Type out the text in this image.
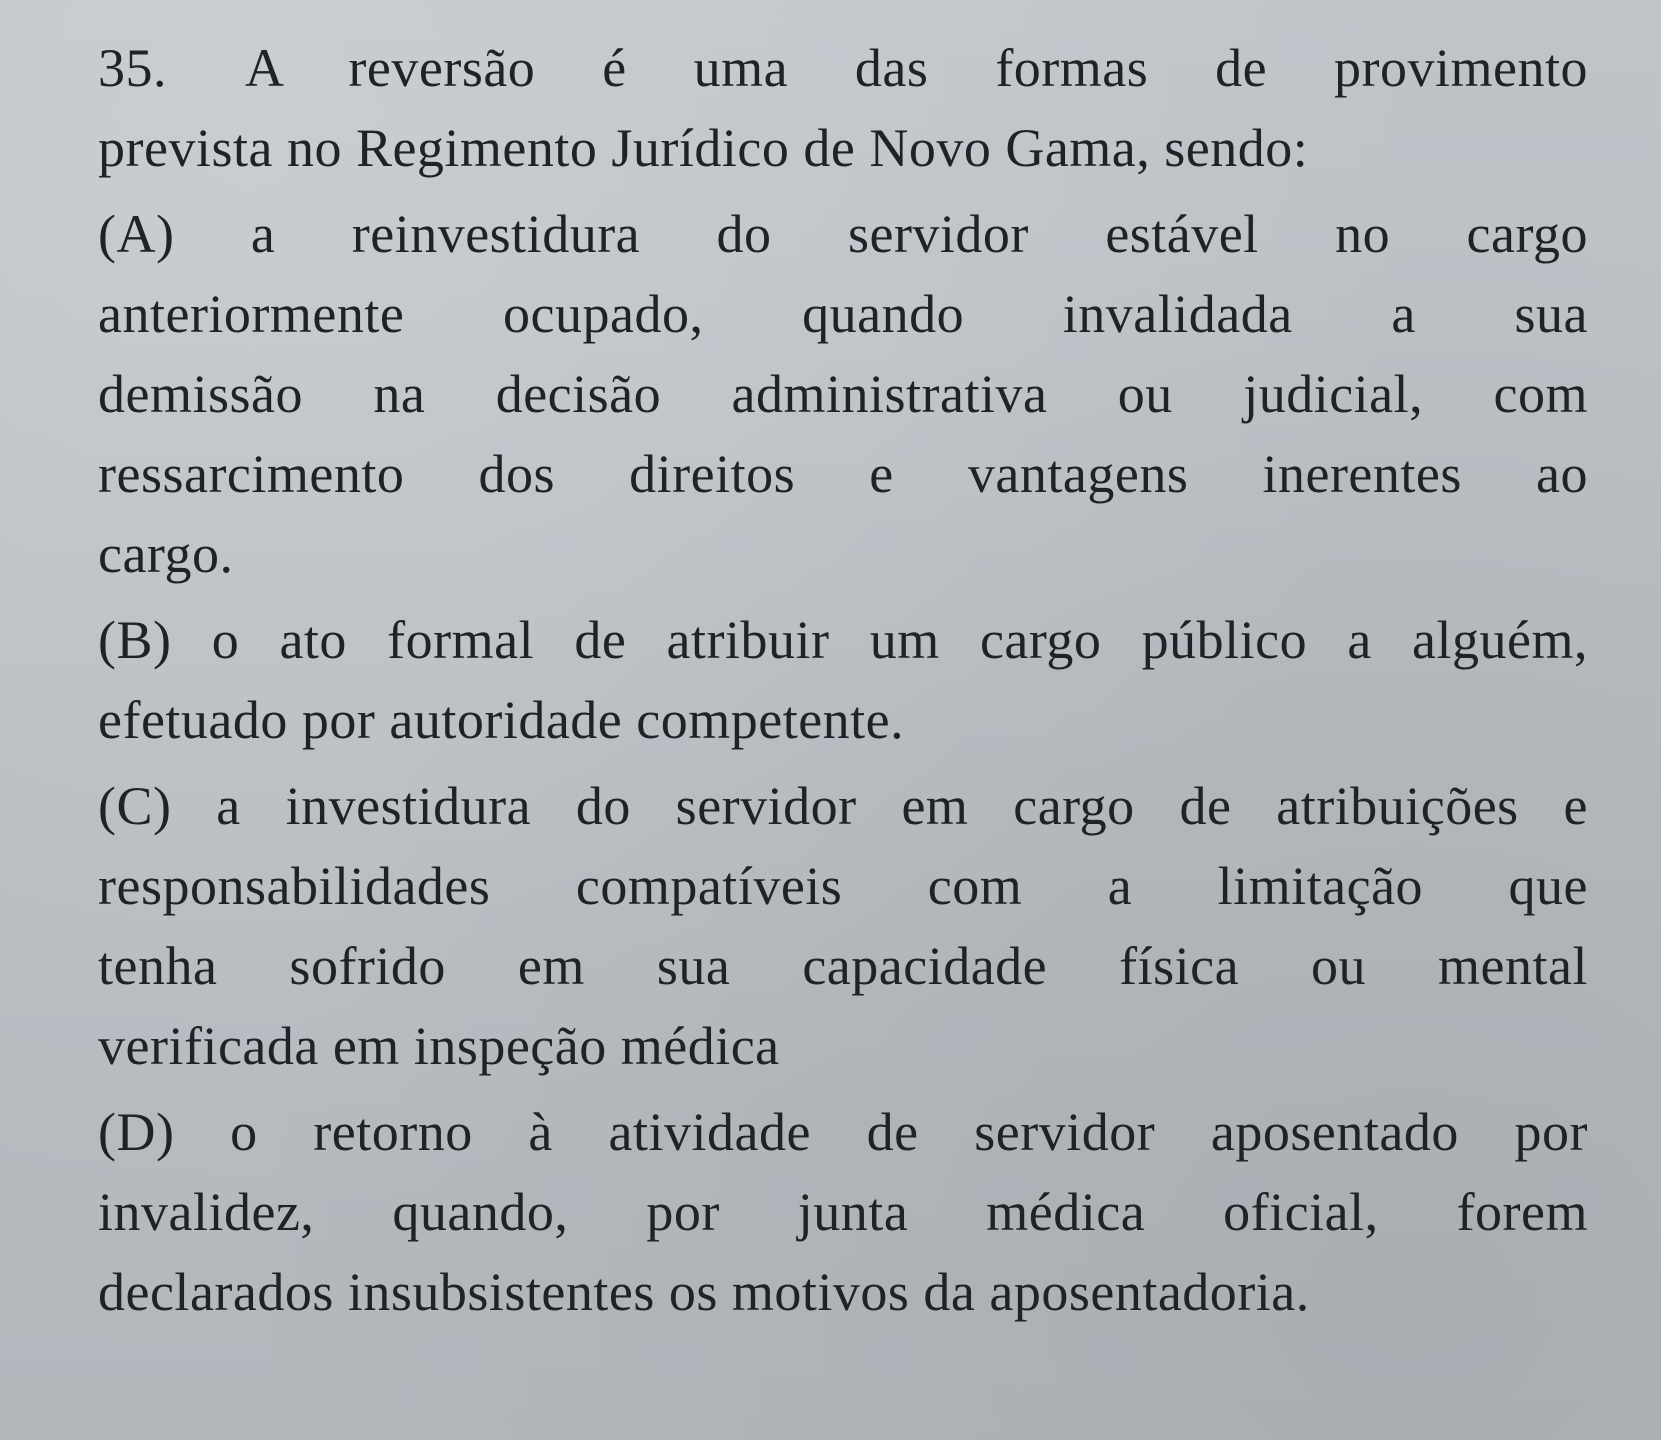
35. A reversão é uma das formas de provimento
prevista no Regimento Jurídico de Novo Gama, sendo:
(A) a reinvestidura do servidor estável no cargo
anteriormente ocupado, quando invalidada a sua
demissão na decisão administrativa ou judicial, com
ressarcimento dos direitos e vantagens inerentes ao
cargo.
(B) o ato formal de atribuir um cargo público a alguém,
efetuado por autoridade competente.
(C) a investidura do servidor em cargo de atribuições e
responsabilidades compatíveis com a limitação que
tenha sofrido em sua capacidade física ou mental
verificada em inspeção médica
(D) o retorno à atividade de servidor aposentado por
invalidez, quando, por junta médica oficial, forem
declarados insubsistentes os motivos da aposentadoria.
